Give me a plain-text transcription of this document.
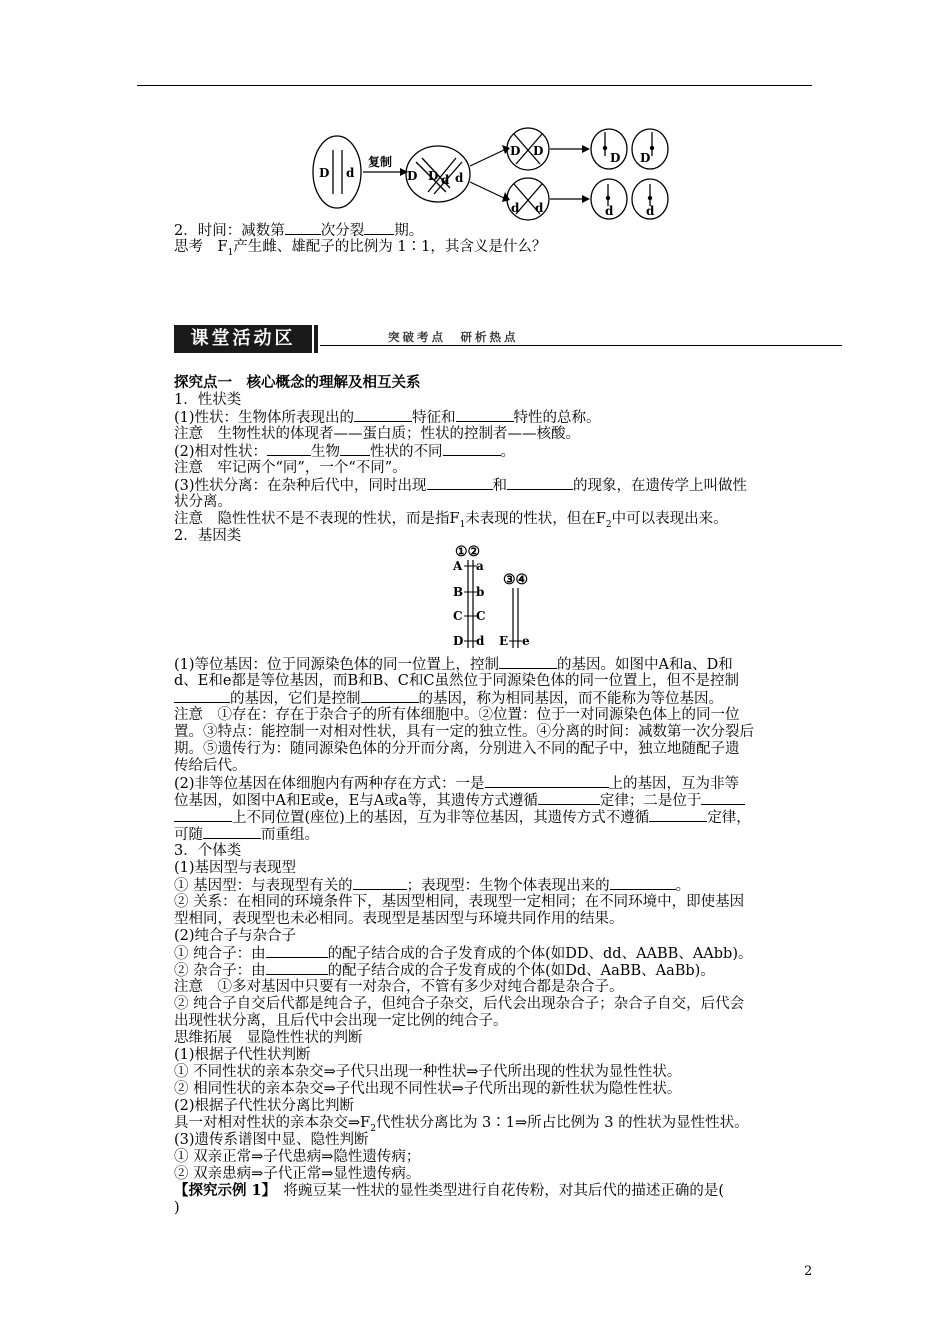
D d
复制
D D d d
D D
d d
D D
d	d
2．时间：减数第 次分裂 期。
思考　$F_1$产生雌、雄配子的比例为 1∶1，其含义是什么？
课堂活动区	突破考点　研析热点
探究点一　核心概念的理解及相互关系
1．性状类
(1)性状：生物体所表现出的	特征和	特性的总称。
注意　生物性状的体现者——蛋白质；性状的控制者——核酸。
(2)相对性状：	生物 性状的不同	。
注意　牢记两个“同”，一个“不同”。
(3)性状分离：在杂种后代中，同时出现	和	的现象，在遗传学上叫做性
状分离。
注意　隐性性状不是不表现的性状，而是指$F_1$未表现的性状，但在$F_2$中可以表现出来。
2．基因类
①②
③④
A a
B b
C C
D d E e
(1)等位基因：位于同源染色体的同一位置上，控制	的基因。如图中A和a、D和
d、E和e都是等位基因，而B和B、C和C虽然位于同源染色体的同一位置上，但不是控制
的基因，它们是控制	的基因，称为相同基因，而不能称为等位基因。
注意　①存在：存在于杂合子的所有体细胞中。②位置：位于一对同源染色体上的同一位
置。③特点：能控制一对相对性状，具有一定的独立性。④分离的时间：减数第一次分裂后
期。⑤遗传行为：随同源染色体的分开而分离，分别进入不同的配子中，独立地随配子遗
传给后代。
(2)非等位基因在体细胞内有两种存在方式：一是	上的基因，互为非等
位基因，如图中A和E或e，E与A或a等，其遗传方式遵循	定律；二是位于
上不同位置(座位)上的基因，互为非等位基因，其遗传方式不遵循	定律，
可随	而重组。
3．个体类
(1)基因型与表现型
① 基因型：与表现型有关的	；表现型：生物个体表现出来的	。
② 关系：在相同的环境条件下，基因型相同，表现型一定相同；在不同环境中，即使基因
型相同，表现型也未必相同。表现型是基因型与环境共同作用的结果。
(2)纯合子与杂合子
① 纯合子：由	的配子结合成的合子发育成的个体(如DD、dd、AABB、AAbb)。
② 杂合子：由	的配子结合成的合子发育成的个体(如Dd、AaBB、AaBb)。
注意　①多对基因中只要有一对杂合，不管有多少对纯合都是杂合子。
② 纯合子自交后代都是纯合子，但纯合子杂交，后代会出现杂合子；杂合子自交，后代会
出现性状分离，且后代中会出现一定比例的纯合子。
思维拓展　显隐性性状的判断
(1)根据子代性状判断
① 不同性状的亲本杂交⇒子代只出现一种性状⇒子代所出现的性状为显性性状。
② 相同性状的亲本杂交⇒子代出现不同性状⇒子代所出现的新性状为隐性性状。
(2)根据子代性状分离比判断
具一对相对性状的亲本杂交$\Rightarrow F_2$代性状分离比为 3∶1⇒所占比例为 3 的性状为显性性状。
(3)遗传系谱图中显、隐性判断
① 双亲正常⇒子代患病⇒隐性遗传病；
② 双亲患病⇒子代正常⇒显性遗传病。
【探究示例 1】　将豌豆某一性状的显性类型进行自花传粉，对其后代的描述正确的是(
)
2
